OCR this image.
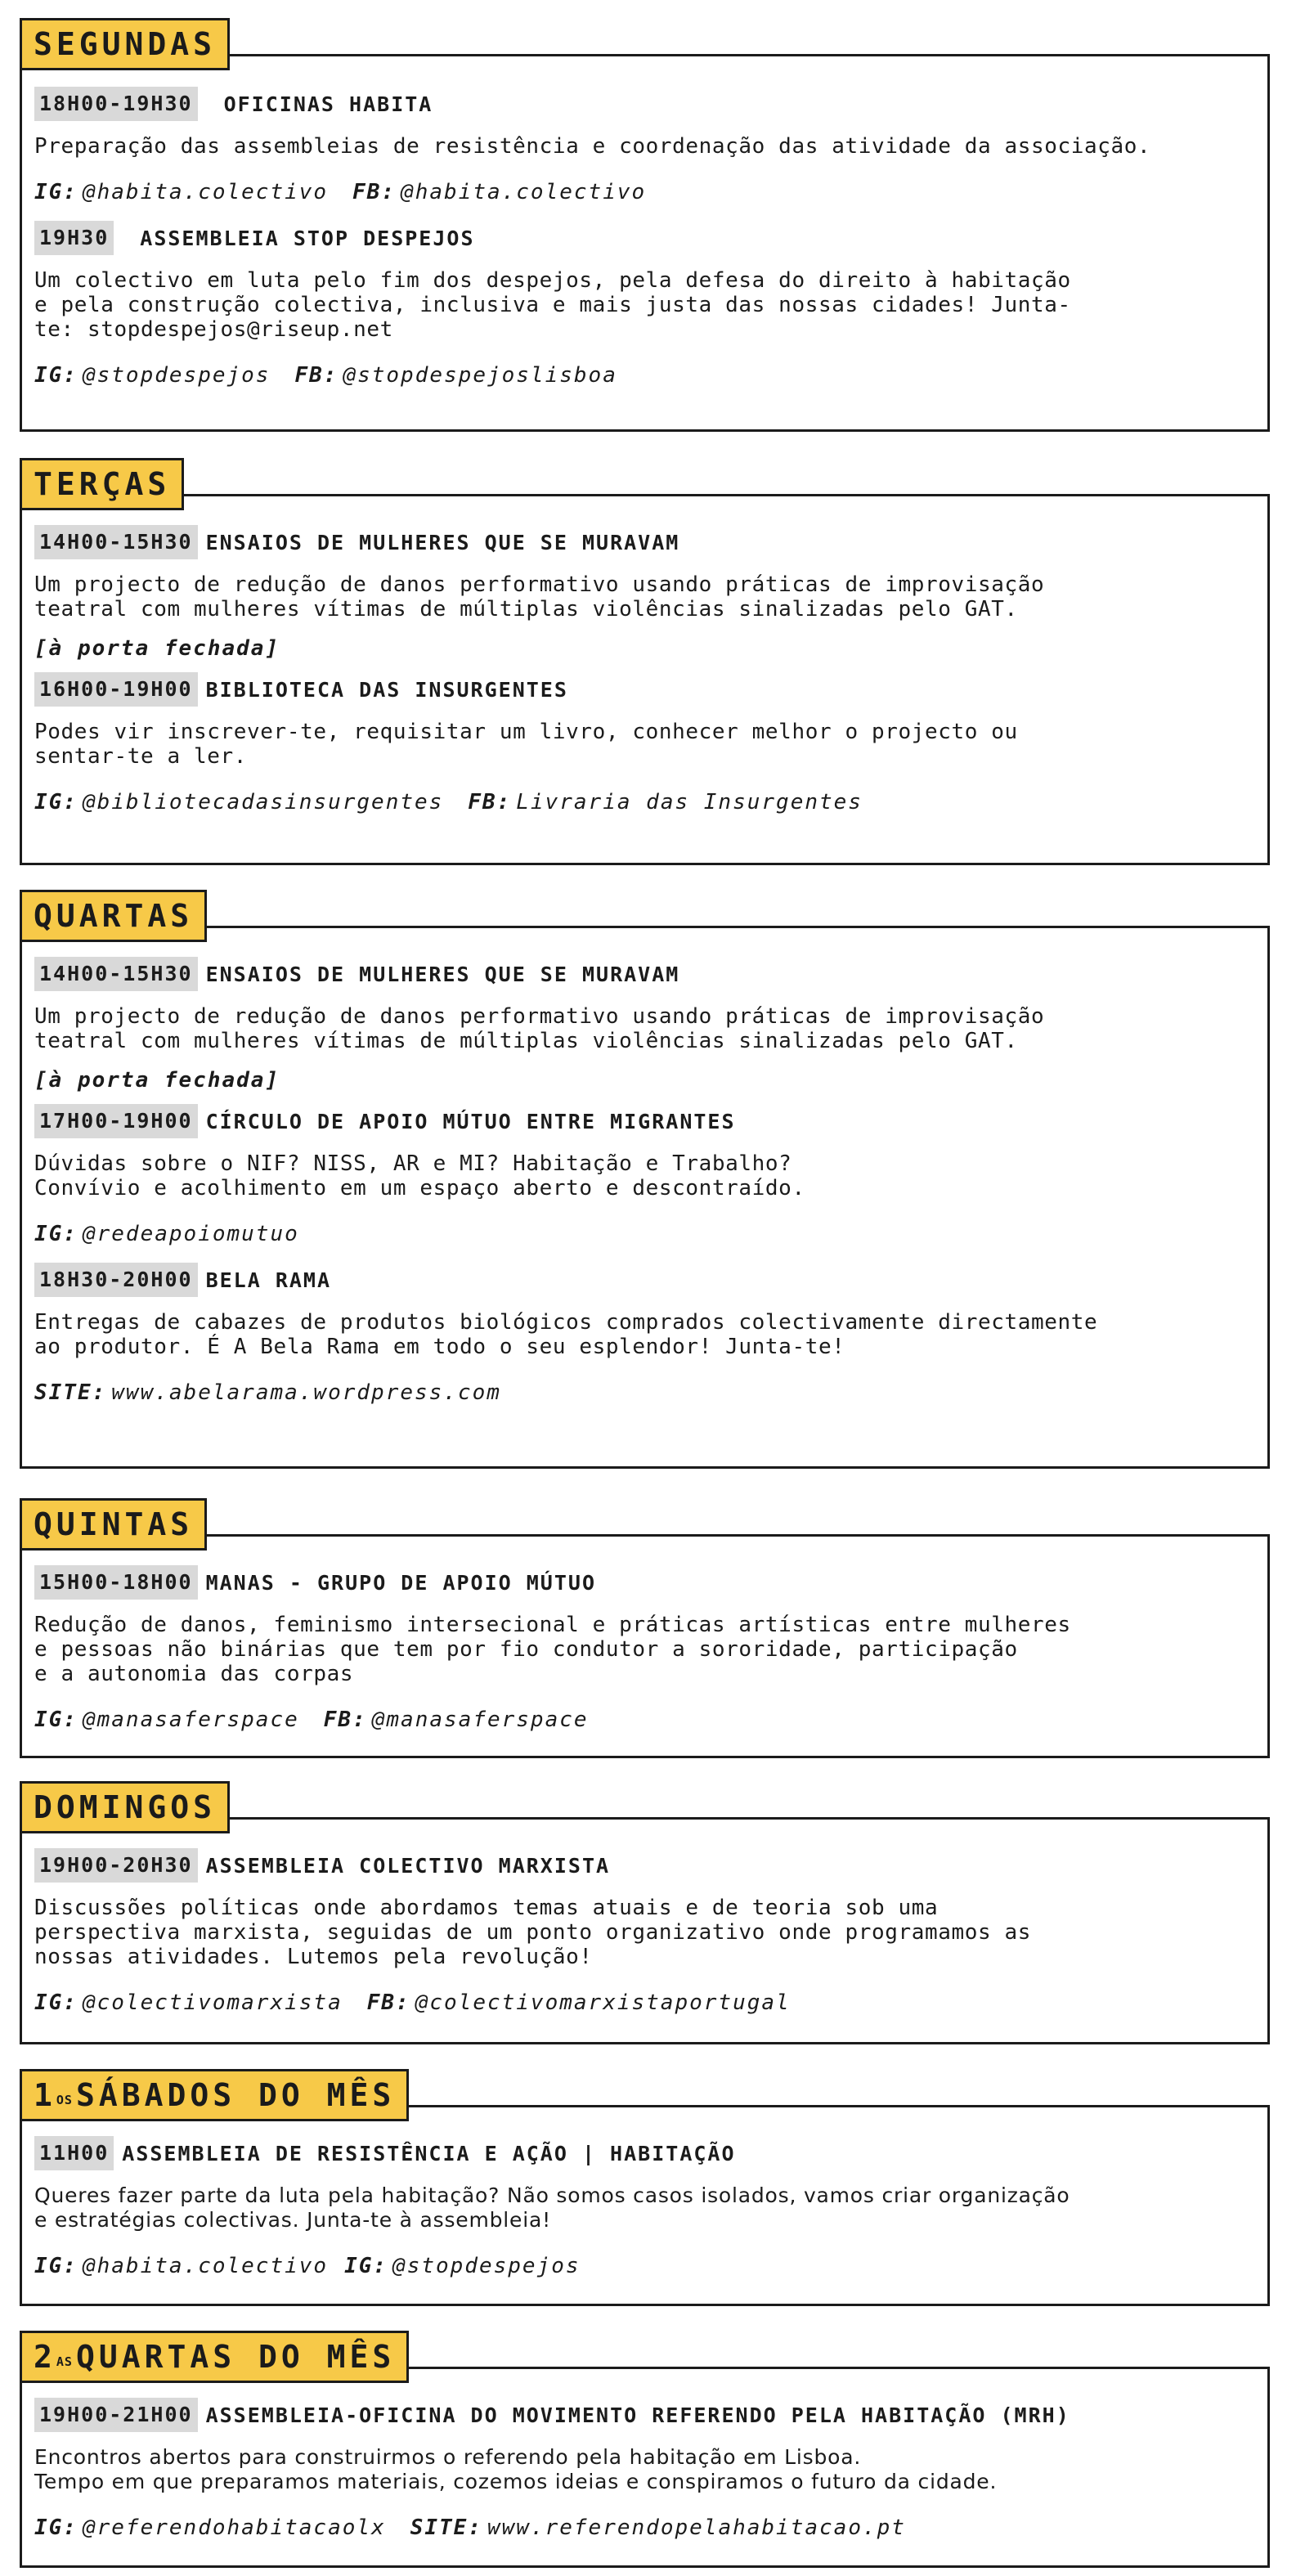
SEGUNDAS
18H00-19H30 OFICINAS HABITA
Preparação das assembleias de resistência e coordenação das atividade da associação.
IG: @habita.colectivo FB: @habita.colectivo
19H30 ASSEMBLEIA STOP DESPEJOS
Um colectivo em luta pelo fim dos despejos, pela defesa do direito à habitação
e pela construção colectiva, inclusiva e mais justa das nossas cidades! Junta-
te: stopdespejos@riseup.net
IG: @stopdespejos FB: @stopdespejoslisboa
TERÇAS
14H00-15H30 ENSAIOS DE MULHERES QUE SE MURAVAM
Um projecto de redução de danos performativo usando práticas de improvisação
teatral com mulheres vítimas de múltiplas violências sinalizadas pelo GAT.
[à porta fechada]
16H00-19H00 BIBLIOTECA DAS INSURGENTES
Podes vir inscrever-te, requisitar um livro, conhecer melhor o projecto ou
sentar-te a ler.
IG: @bibliotecadasinsurgentes FB: Livraria das Insurgentes
QUARTAS
14H00-15H30 ENSAIOS DE MULHERES QUE SE MURAVAM
Um projecto de redução de danos performativo usando práticas de improvisação
teatral com mulheres vítimas de múltiplas violências sinalizadas pelo GAT.
[à porta fechada]
17H00-19H00 CÍRCULO DE APOIO MÚTUO ENTRE MIGRANTES
Dúvidas sobre o NIF? NISS, AR e MI? Habitação e Trabalho?
Convívio e acolhimento em um espaço aberto e descontraído.
IG: @redeapoiomutuo
18H30-20H00 BELA RAMA
Entregas de cabazes de produtos biológicos comprados colectivamente directamente
ao produtor. É A Bela Rama em todo o seu esplendor! Junta-te!
SITE: www.abelarama.wordpress.com
QUINTAS
15H00-18H00 MANAS - GRUPO DE APOIO MÚTUO
Redução de danos, feminismo intersecional e práticas artísticas entre mulheres
e pessoas não binárias que tem por fio condutor a sororidade, participação
e a autonomia das corpas
IG: @manasaferspace FB: @manasaferspace
DOMINGOS
19H00-20H30 ASSEMBLEIA COLECTIVO MARXISTA
Discussões políticas onde abordamos temas atuais e de teoria sob uma
perspectiva marxista, seguidas de um ponto organizativo onde programamos as
nossas atividades. Lutemos pela revolução!
IG: @colectivomarxista FB: @colectivomarxistaportugal
$1^{OS}$ SÁBADOS DO MÊS
11H00 ASSEMBLEIA DE RESISTÊNCIA E AÇÃO | HABITAÇÃO
Queres fazer parte da luta pela habitação? Não somos casos isolados, vamos criar organização
e estratégias colectivas. Junta-te à assembleia!
IG: @habita.colectivo IG: @stopdespejos
$2^{AS}$ QUARTAS DO MÊS
19H00-21H00 ASSEMBLEIA-OFICINA DO MOVIMENTO REFERENDO PELA HABITAÇÃO (MRH)
Encontros abertos para construirmos o referendo pela habitação em Lisboa.
Tempo em que preparamos materiais, cozemos ideias e conspiramos o futuro da cidade.
IG: @referendohabitacaolx SITE: www.referendopelahabitacao.pt
